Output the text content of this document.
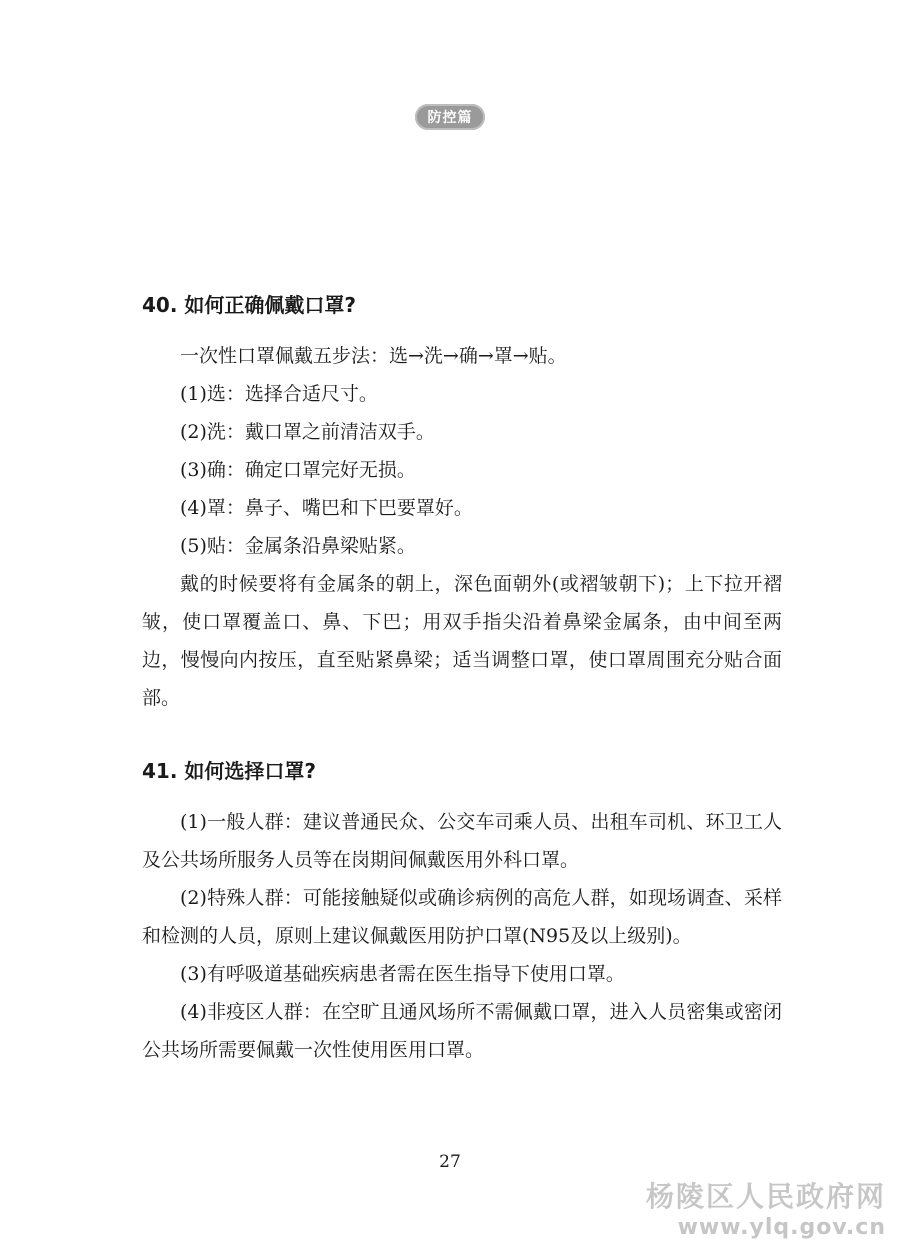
防控篇
40. 如何正确佩戴口罩?

一次性口罩佩戴五步法：选→洗→确→罩→贴。

(1)选：选择合适尺寸。

(2)洗：戴口罩之前清洁双手。

(3)确：确定口罩完好无损。

(4)罩：鼻子、嘴巴和下巴要罩好。

(5)贴：金属条沿鼻梁贴紧。

戴的时候要将有金属条的朝上，深色面朝外(或褶皱朝下)；上下拉开褶皱，使口罩覆盖口、鼻、下巴；用双手指尖沿着鼻梁金属条，由中间至两边，慢慢向内按压，直至贴紧鼻梁；适当调整口罩，使口罩周围充分贴合面部。

41. 如何选择口罩?

(1)一般人群：建议普通民众、公交车司乘人员、出租车司机、环卫工人及公共场所服务人员等在岗期间佩戴医用外科口罩。

(2)特殊人群：可能接触疑似或确诊病例的高危人群，如现场调查、采样和检测的人员，原则上建议佩戴医用防护口罩(N95及以上级别)。

(3)有呼吸道基础疾病患者需在医生指导下使用口罩。

(4)非疫区人群：在空旷且通风场所不需佩戴口罩，进入人员密集或密闭公共场所需要佩戴一次性使用医用口罩。

27
杨陵区人民政府网
www.ylq.gov.cn
